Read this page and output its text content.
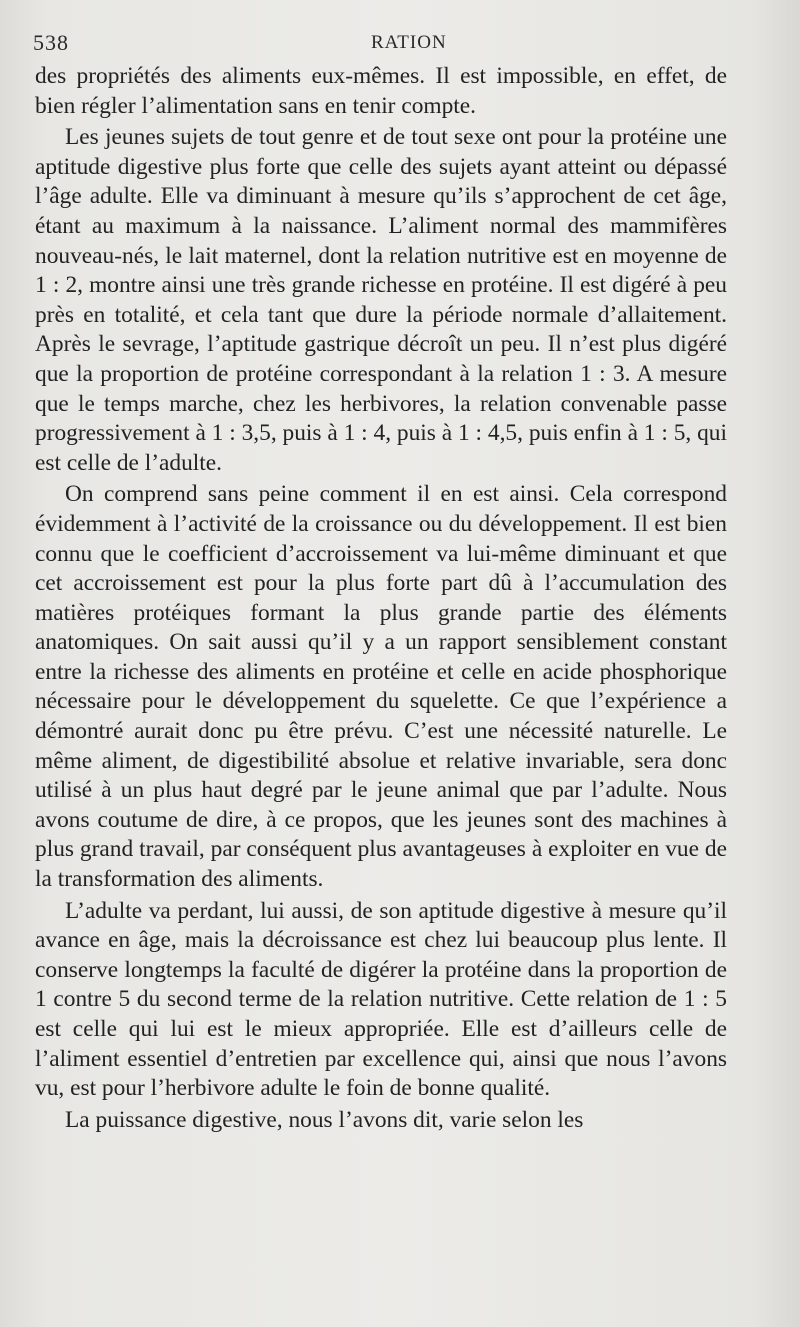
538	RATION

des propriétés des aliments eux-mêmes. Il est impossible, en effet, de bien régler l’alimentation sans en tenir compte.

Les jeunes sujets de tout genre et de tout sexe ont pour la protéine une aptitude digestive plus forte que celle des sujets ayant atteint ou dépassé l’âge adulte. Elle va diminuant à mesure qu’ils s’approchent de cet âge, étant au maximum à la naissance. L’aliment normal des mammifères nouveau-nés, le lait maternel, dont la relation nutritive est en moyenne de 1 : 2, montre ainsi une très grande richesse en protéine. Il est digéré à peu près en totalité, et cela tant que dure la période normale d’allaitement. Après le sevrage, l’aptitude gastrique décroît un peu. Il n’est plus digéré que la proportion de protéine correspondant à la relation 1 : 3. A mesure que le temps marche, chez les herbivores, la relation convenable passe progressivement à 1 : 3,5, puis à 1 : 4, puis à 1 : 4,5, puis enfin à 1 : 5, qui est celle de l’adulte.

On comprend sans peine comment il en est ainsi. Cela correspond évidemment à l’activité de la croissance ou du développement. Il est bien connu que le coefficient d’accroissement va lui-même diminuant et que cet accroissement est pour la plus forte part dû à l’accumulation des matières protéiques formant la plus grande partie des éléments anatomiques. On sait aussi qu’il y a un rapport sensiblement constant entre la richesse des aliments en protéine et celle en acide phosphorique nécessaire pour le développement du squelette. Ce que l’expérience a démontré aurait donc pu être prévu. C’est une nécessité naturelle. Le même aliment, de digestibilité absolue et relative invariable, sera donc utilisé à un plus haut degré par le jeune animal que par l’adulte. Nous avons coutume de dire, à ce propos, que les jeunes sont des machines à plus grand travail, par conséquent plus avantageuses à exploiter en vue de la transformation des aliments.

L’adulte va perdant, lui aussi, de son aptitude digestive à mesure qu’il avance en âge, mais la décroissance est chez lui beaucoup plus lente. Il conserve longtemps la faculté de digérer la protéine dans la proportion de 1 contre 5 du second terme de la relation nutritive. Cette relation de 1 : 5 est celle qui lui est le mieux appropriée. Elle est d’ailleurs celle de l’aliment essentiel d’entretien par excellence qui, ainsi que nous l’avons vu, est pour l’herbivore adulte le foin de bonne qualité.

La puissance digestive, nous l’avons dit, varie selon les
